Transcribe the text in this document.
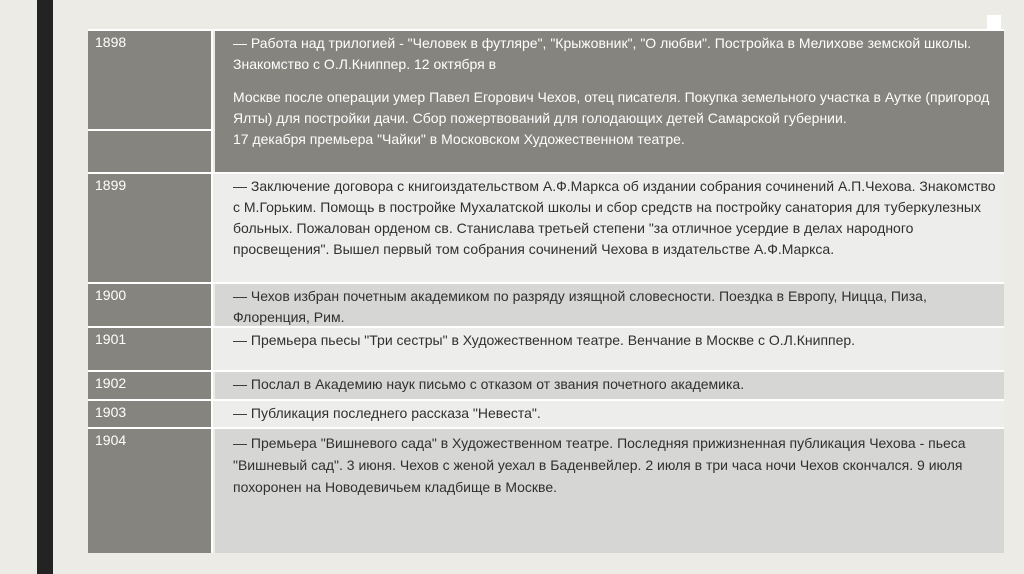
1898	— Работа над трилогией - "Человек в футляре", "Крыжовник", "О любви". Постройка в Мелихове земской школы. Знакомство с О.Л.Книппер. 12 октября в
Москве после операции умер Павел Егорович Чехов, отец писателя. Покупка земельного участка в Аутке (пригород Ялты) для постройки дачи. Сбор пожертвований для голодающих детей Самарской губернии.
17 декабря премьера "Чайки" в Московском Художественном театре.
1899	— Заключение договора с книгоиздательством А.Ф.Маркса об издании собрания сочинений А.П.Чехова. Знакомство с М.Горьким. Помощь в постройке Мухалатской школы и сбор средств на постройку санатория для туберкулезных больных. Пожалован орденом св. Станислава третьей степени "за отличное усердие в делах народного просвещения". Вышел первый том собрания сочинений Чехова в издательстве А.Ф.Маркса.
1900	— Чехов избран почетным академиком по разряду изящной словесности. Поездка в Европу, Ницца, Пиза, Флоренция, Рим.
1901	— Премьера пьесы "Три сестры" в Художественном театре. Венчание в Москве с О.Л.Книппер.
1902	— Послал в Академию наук письмо с отказом от звания почетного академика.
1903	— Публикация последнего рассказа "Невеста".
1904	— Премьера "Вишневого сада" в Художественном театре. Последняя прижизненная публикация Чехова - пьеса "Вишневый сад". 3 июня. Чехов с женой уехал в Баденвейлер. 2 июля в три часа ночи Чехов скончался. 9 июля похоронен на Новодевичьем кладбище в Москве.
